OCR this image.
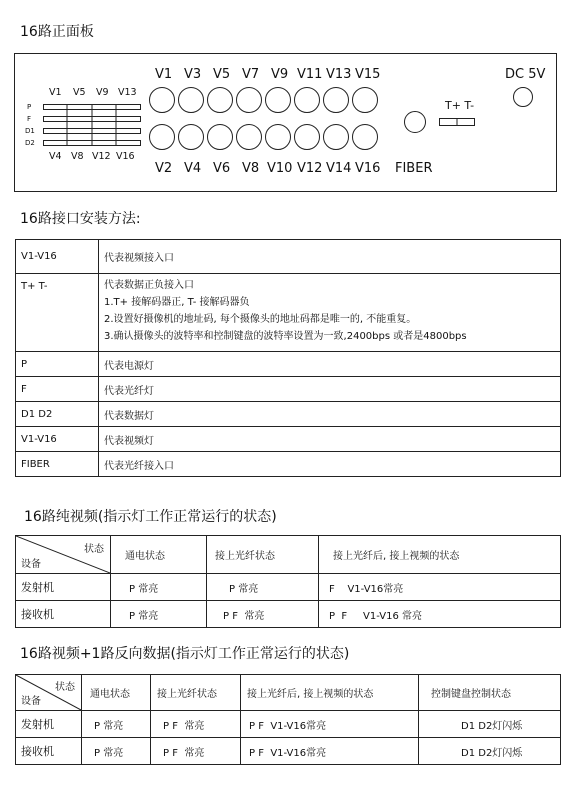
16路正面板
V1 V5 V9 V13
P
F
D1
D2
V4 V8 V12 V16
V1 V3 V5 V7 V9 V11 V13 V15
V2 V4 V6 V8 V10 V12 V14 V16 FIBER
T+ T-
DC 5V
16路接口安装方法:
V1-V16	代表视频接入口

T+ T-	代表数据正负接入口
1.T+ 接解码器正, T- 接解码器负
2.设置好摄像机的地址码, 每个摄像头的地址码都是唯一的, 不能重复。
3.确认摄像头的波特率和控制键盘的波特率设置为一致,2400bps 或者是4800bps

P	代表电源灯
F	代表光纤灯
D1 D2	代表数据灯
V1-V16	代表视频灯
FIBER	代表光纤接入口
16路纯视频(指示灯工作正常运行的状态)
状态
设备	通电状态	接上光纤状态	接上光纤后, 接上视频的状态
发射机	P 常亮	P 常亮	F    V1-V16常亮
接收机	P 常亮	P F  常亮	P  F     V1-V16 常亮
16路视频+1路反向数据(指示灯工作正常运行的状态)
状态
设备	通电状态	接上光纤状态	接上光纤后, 接上视频的状态	控制键盘控制状态
发射机	P 常亮	P F  常亮	P F  V1-V16常亮	D1 D2灯闪烁
接收机	P 常亮	P F  常亮	P F  V1-V16常亮	D1 D2灯闪烁
